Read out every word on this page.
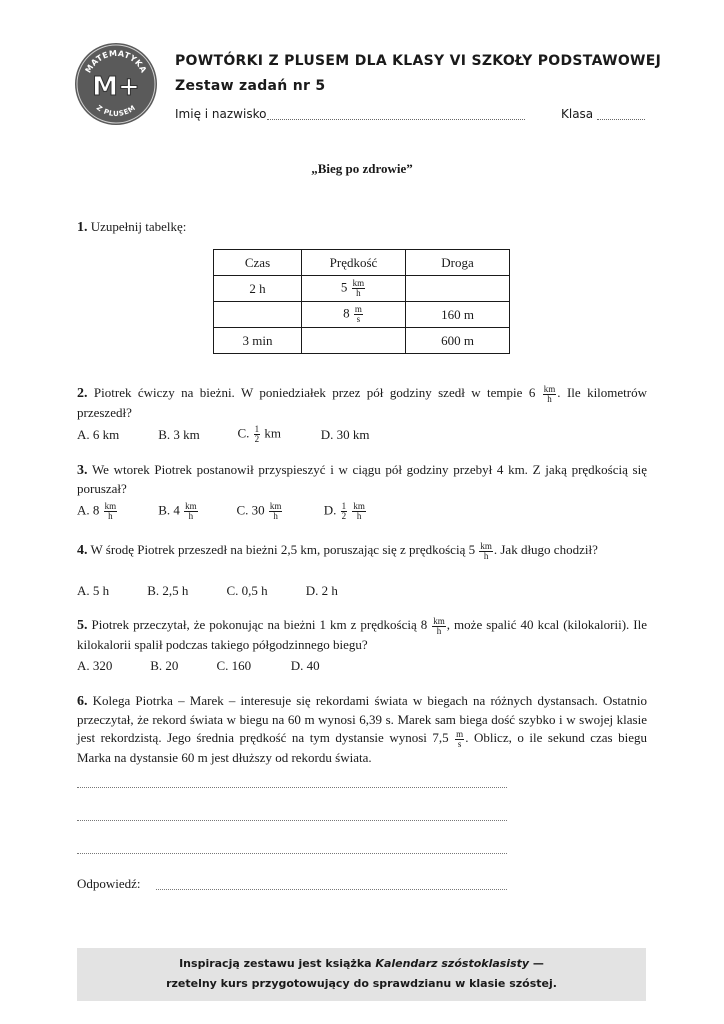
MATEMATYKA
M+
Z PLUSEM
POWTÓRKI Z PLUSEM DLA KLASY VI SZKOŁY PODSTAWOWEJ
Zestaw zadań nr 5
Imię i nazwisko	Klasa
„Bieg po zdrowie”
1. Uzupełnij tabelkę:
Czas	Prędkość	Droga
2 h	$5 \frac{km}{h}$

	$8 \frac{m}{s}$	160 m
3 min		600 m
2. Piotrek ćwiczy na bieżni. W poniedziałek przez pół godziny szedł w tempie $6 \frac{km}{h}$ . Ile kilometrów przeszedł?
A. 6 km	B. 3 km	C. $\frac{1}{2}$ km	D. 30 km
3. We wtorek Piotrek postanowił przyspieszyć i w ciągu pół godziny przebył 4 km. Z jaką prędkością się poruszał?
A. $8 \frac{km}{h}$	B. $4 \frac{km}{h}$	C. $30 \frac{km}{h}$	D. $\frac{1}{2}$
$\frac{km}{h}$
4. W środę Piotrek przeszedł na bieżni 2,5 km, poruszając się z prędkością $5 \frac{km}{h}$ . Jak długo chodził?
A. 5 h	B. 2,5 h	C. 0,5 h	D. 2 h
5. Piotrek przeczytał, że pokonując na bieżni 1 km z prędkością $8 \frac{km}{h}$ , może spalić 40 kcal (kilokalorii). Ile kilokalorii spalił podczas takiego półgodzinnego biegu?
A. 320	B. 20	C. 160	D. 40
6. Kolega Piotrka – Marek – interesuje się rekordami świata w biegach na różnych dystansach. Ostatnio przeczytał, że rekord świata w biegu na 60 m wynosi 6,39 s. Marek sam biega dość szybko i w swojej klasie jest rekordzistą. Jego średnia prędkość na tym dystansie wynosi $7,5 \frac{m}{s}$ . Oblicz, o ile sekund czas biegu Marka na dystansie 60 m jest dłuższy od rekordu świata.
Odpowiedź:
Inspiracją zestawu jest książka Kalendarz szóstoklasisty —
rzetelny kurs przygotowujący do sprawdzianu w klasie szóstej.
